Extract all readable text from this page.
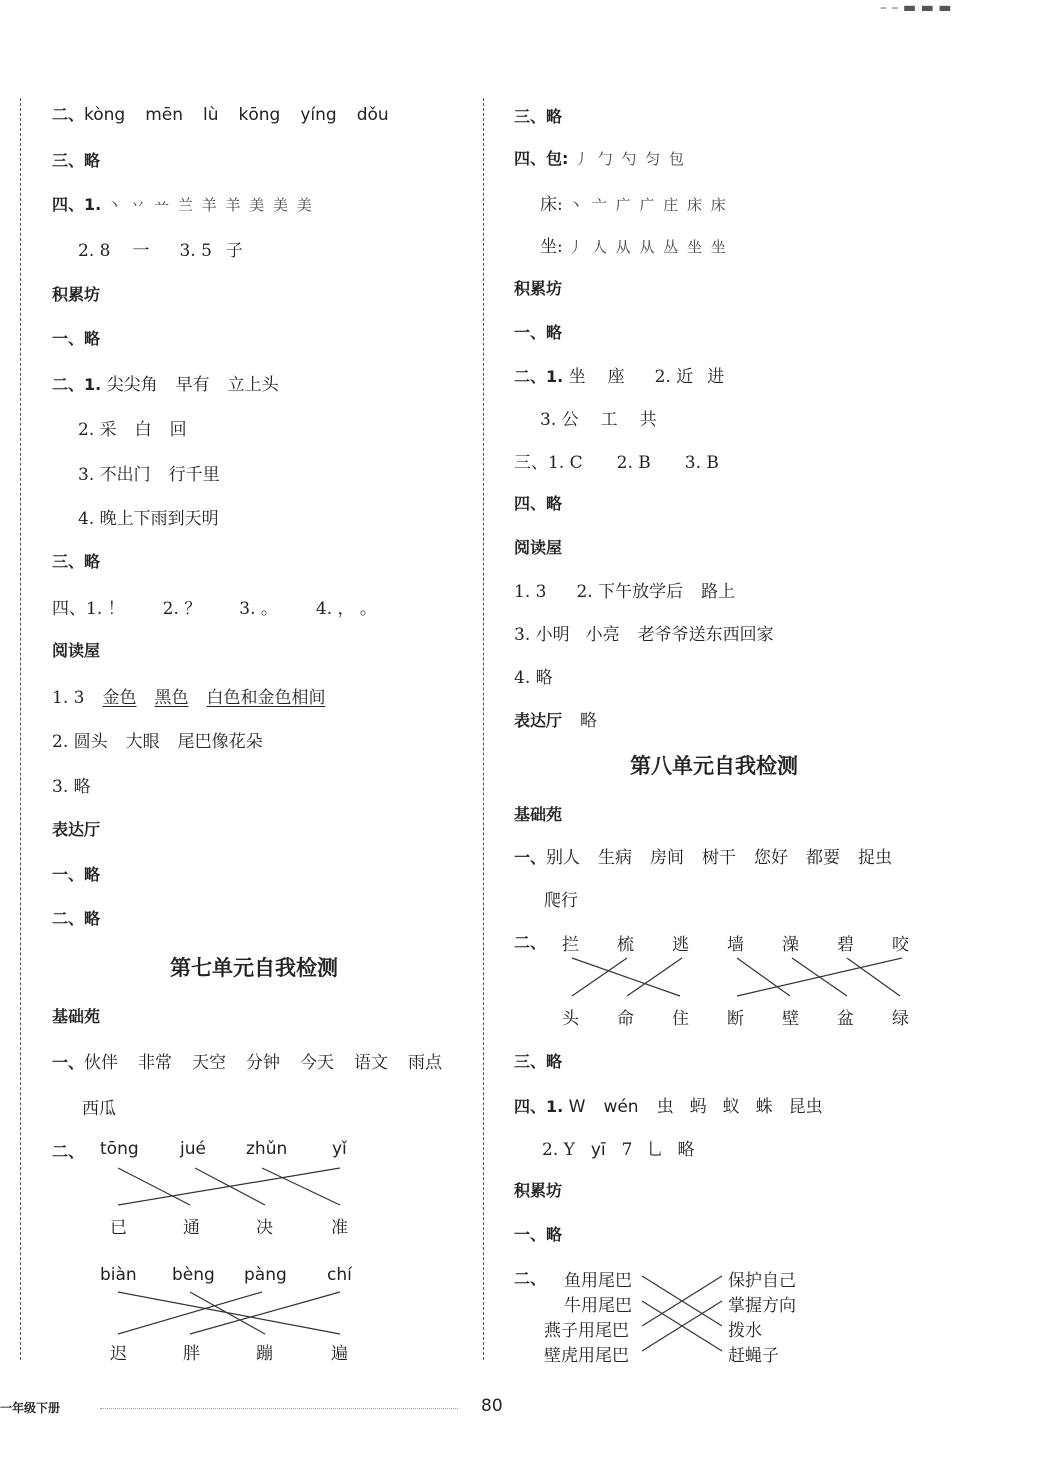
– – ▬ ▬ ▬
二、kòng mēn lù kōng yíng dǒu
三、略
四、1. 丶 丷 䒑 兰 羊 羊 美 美 美
2. 8 一 3. 5 子
积累坊
一、略
二、1. 尖尖角 早有 立上头
2. 采 白 回
3. 不出门 行千里
4. 晚上下雨到天明
三、略
四、1. ！ 2. ？ 3. 。 4. ， 。
阅读屋
1. 3 金色 黑色 白色和金色相间
2. 圆头 大眼 尾巴像花朵
3. 略
表达厅
一、略
二、略
第七单元自我检测
基础苑
一、伙伴 非常 天空 分钟 今天 语文 雨点
西瓜
二、 tōng jué zhǔn	yǐ
已	通	决	准
biàn bèng pàng chí
迟	胖	蹦	遍
三、略
四、包: 丿 勹 勺 匀 包
床: 丶 亠 广 广 庄 床 床
坐: 丿 人 从 从 丛 坐 坐
积累坊
一、略
二、1. 坐 座 2. 近 进
3. 公 工 共
三、1. C 2. B 3. B
四、略
阅读屋
1. 3 2. 下午放学后 路上
3. 小明 小亮 老爷爷送东西回家
4. 略
表达厅 略
第八单元自我检测
基础苑
一、别人 生病 房间 树干 您好 都要 捉虫
爬行
二、 拦 梳 逃 墙 澡 碧 咬
头 命 住 断 壁 盆 绿
三、略
四、1. W wén 虫 蚂 蚁 蛛 昆虫
2. Y yī 7 乚 略
积累坊
一、略
二、 鱼用尾巴
牛用尾巴
燕子用尾巴
壁虎用尾巴
保护自己
掌握方向
拨水
赶蝇子
一年级下册	80
